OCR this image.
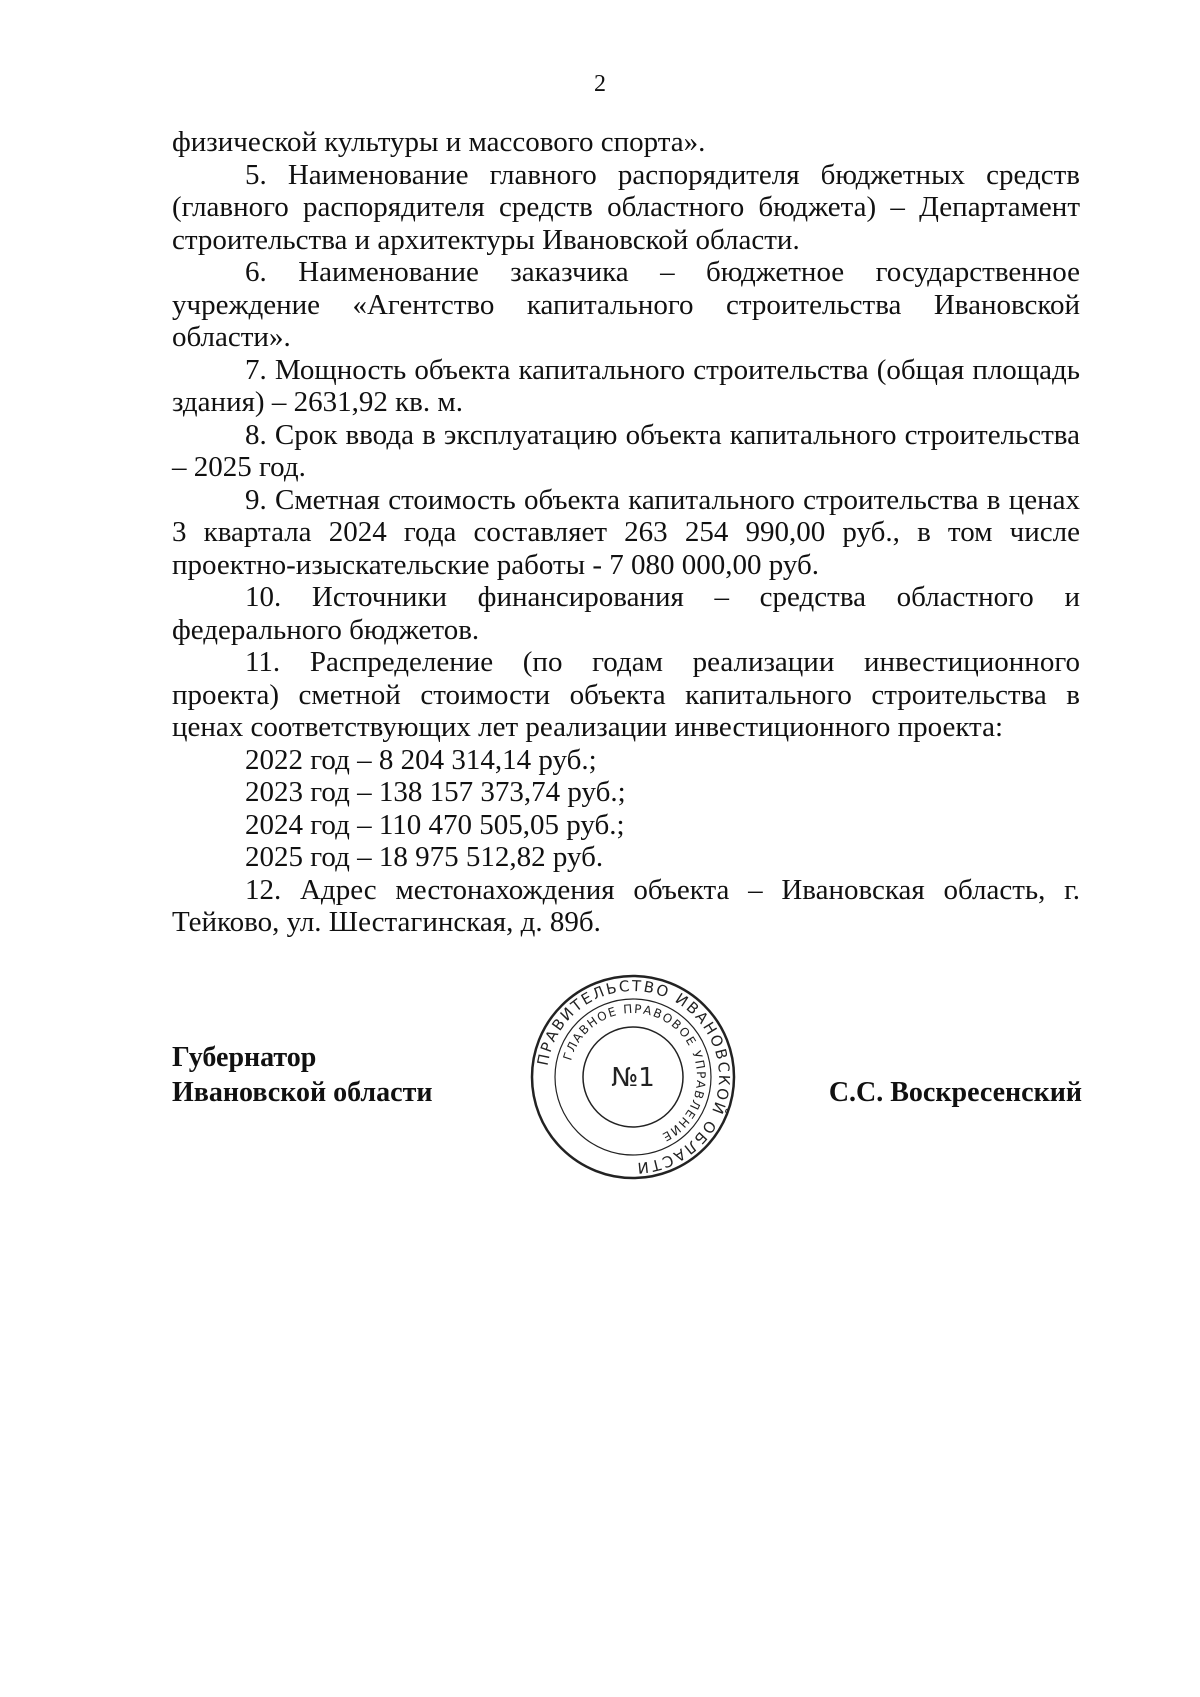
2

физической культуры и массового спорта».

5. Наименование главного распорядителя бюджетных средств (главного распорядителя средств областного бюджета) – Департамент строительства и архитектуры Ивановской области.

6. Наименование заказчика – бюджетное государственное учреждение «Агентство капитального строительства Ивановской области».

7. Мощность объекта капитального строительства (общая площадь здания) – 2631,92 кв. м.

8. Срок ввода в эксплуатацию объекта капитального строительства – 2025 год.

9. Сметная стоимость объекта капитального строительства в ценах 3 квартала 2024 года составляет 263 254 990,00 руб., в том числе проектно-изыскательские работы - 7 080 000,00 руб.

10. Источники финансирования – средства областного и федерального бюджетов.

11. Распределение (по годам реализации инвестиционного проекта) сметной стоимости объекта капитального строительства в ценах соответствующих лет реализации инвестиционного проекта:

2022 год – 8 204 314,14 руб.;

2023 год – 138 157 373,74 руб.;

2024 год – 110 470 505,05 руб.;

2025 год – 18 975 512,82 руб.

12. Адрес местонахождения объекта – Ивановская область, г. Тейково, ул. Шестагинская, д. 89б.

Губернатор
Ивановской области	С.С. Воскресенский
ПРАВИТЕЛЬСТВО ИВАНОВСКОЙ ОБЛАСТИ
ГЛАВНОЕ ПРАВОВОЕ УПРАВЛЕНИЕ
№1
